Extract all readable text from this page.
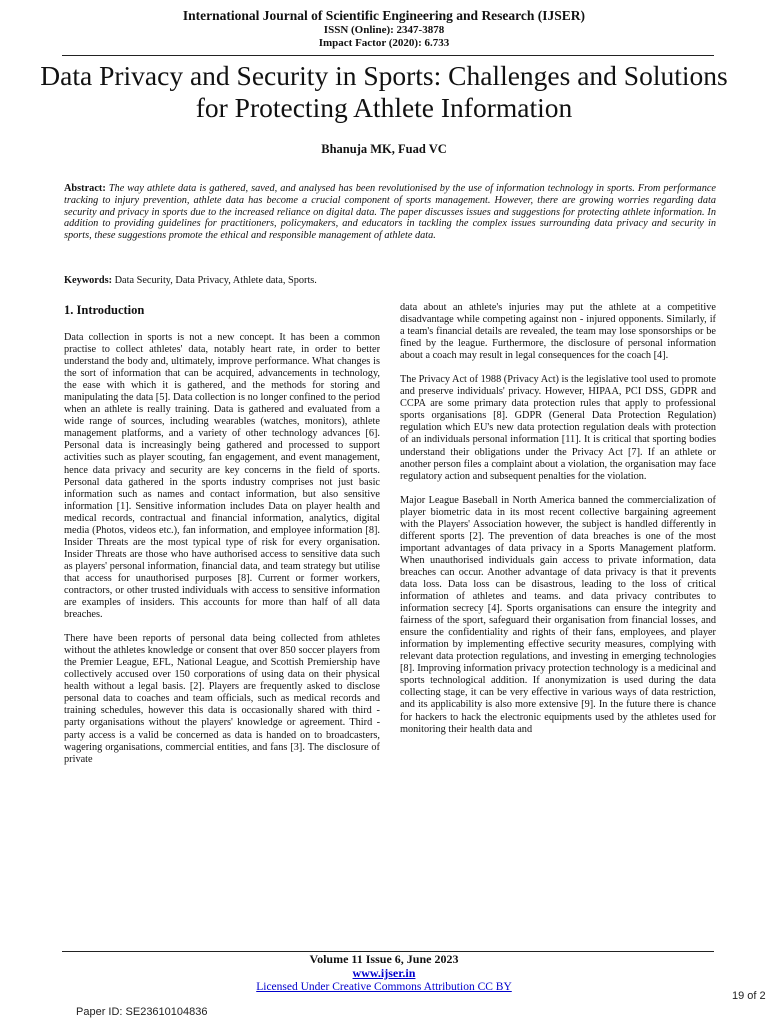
International Journal of Scientific Engineering and Research (IJSER)
ISSN (Online): 2347-3878
Impact Factor (2020): 6.733
Data Privacy and Security in Sports: Challenges and Solutions for Protecting Athlete Information
Bhanuja MK, Fuad VC
Abstract: The way athlete data is gathered, saved, and analysed has been revolutionised by the use of information technology in sports. From performance tracking to injury prevention, athlete data has become a crucial component of sports management. However, there are growing worries regarding data security and privacy in sports due to the increased reliance on digital data. The paper discusses issues and suggestions for protecting athlete information. In addition to providing guidelines for practitioners, policymakers, and educators in tackling the complex issues surrounding data privacy and security in sports, these suggestions promote the ethical and responsible management of athlete data.
Keywords: Data Security, Data Privacy, Athlete data, Sports.
1. Introduction

Data collection in sports is not a new concept. It has been a common practise to collect athletes' data, notably heart rate, in order to better understand the body and, ultimately, improve performance. What changes is the sort of information that can be acquired, advancements in technology, the ease with which it is gathered, and the methods for storing and manipulating the data [5]. Data collection is no longer confined to the period when an athlete is really training. Data is gathered and evaluated from a wide range of sources, including wearables (watches, monitors), athlete management platforms, and a variety of other technology advances [6]. Personal data is increasingly being gathered and processed to support activities such as player scouting, fan engagement, and event management, hence data privacy and security are key concerns in the field of sports. Personal data gathered in the sports industry comprises not just basic information such as names and contact information, but also sensitive information [1]. Sensitive information includes Data on player health and medical records, contractual and financial information, analytics, digital media (Photos, videos etc.), fan information, and employee information [8]. Insider Threats are the most typical type of risk for every organisation. Insider Threats are those who have authorised access to sensitive data such as players' personal information, financial data, and team strategy but utilise that access for unauthorised purposes [8]. Current or former workers, contractors, or other trusted individuals with access to sensitive information are examples of insiders. This accounts for more than half of all data breaches.

There have been reports of personal data being collected from athletes without the athletes knowledge or consent that over 850 soccer players from the Premier League, EFL, National League, and Scottish Premiership have collectively accused over 150 corporations of using data on their physical health without a legal basis. [2]. Players are frequently asked to disclose personal data to coaches and team officials, such as medical records and training schedules, however this data is occasionally shared with third - party organisations without the players' knowledge or agreement. Third - party access is a valid be concerned as data is handed on to broadcasters, wagering organisations, commercial entities, and fans [3]. The disclosure of private

data about an athlete's injuries may put the athlete at a competitive disadvantage while competing against non - injured opponents. Similarly, if a team's financial details are revealed, the team may lose sponsorships or be fined by the league. Furthermore, the disclosure of personal information about a coach may result in legal consequences for the coach [4].

The Privacy Act of 1988 (Privacy Act) is the legislative tool used to promote and preserve individuals' privacy. However, HIPAA, PCI DSS, GDPR and CCPA are some primary data protection rules that apply to professional sports organisations [8]. GDPR (General Data Protection Regulation) regulation which EU's new data protection regulation deals with protection of an individuals personal information [11]. It is critical that sporting bodies understand their obligations under the Privacy Act [7]. If an athlete or another person files a complaint about a violation, the organisation may face regulatory action and subsequent penalties for the violation.

Major League Baseball in North America banned the commercialization of player biometric data in its most recent collective bargaining agreement with the Players' Association however, the subject is handled differently in different sports [2]. The prevention of data breaches is one of the most important advantages of data privacy in a Sports Management platform. When unauthorised individuals gain access to private information, data breaches can occur. Another advantage of data privacy is that it prevents data loss. Data loss can be disastrous, leading to the loss of critical information of athletes and teams. and data privacy contributes to information secrecy [4]. Sports organisations can ensure the integrity and fairness of the sport, safeguard their organisation from financial losses, and ensure the confidentiality and rights of their fans, employees, and player information by implementing effective security measures, complying with relevant data protection regulations, and investing in emerging technologies [8]. Improving information privacy protection technology is a medicinal and sports technological addition. If anonymization is used during the data collecting stage, it can be very effective in various ways of data restriction, and its applicability is also more extensive [9]. In the future there is chance for hackers to hack the electronic equipments used by the athletes used for monitoring their health data and

Volume 11 Issue 6, June 2023
www.ijser.in
Licensed Under Creative Commons Attribution CC BY
Paper ID: SE23610104836
19 of 2
